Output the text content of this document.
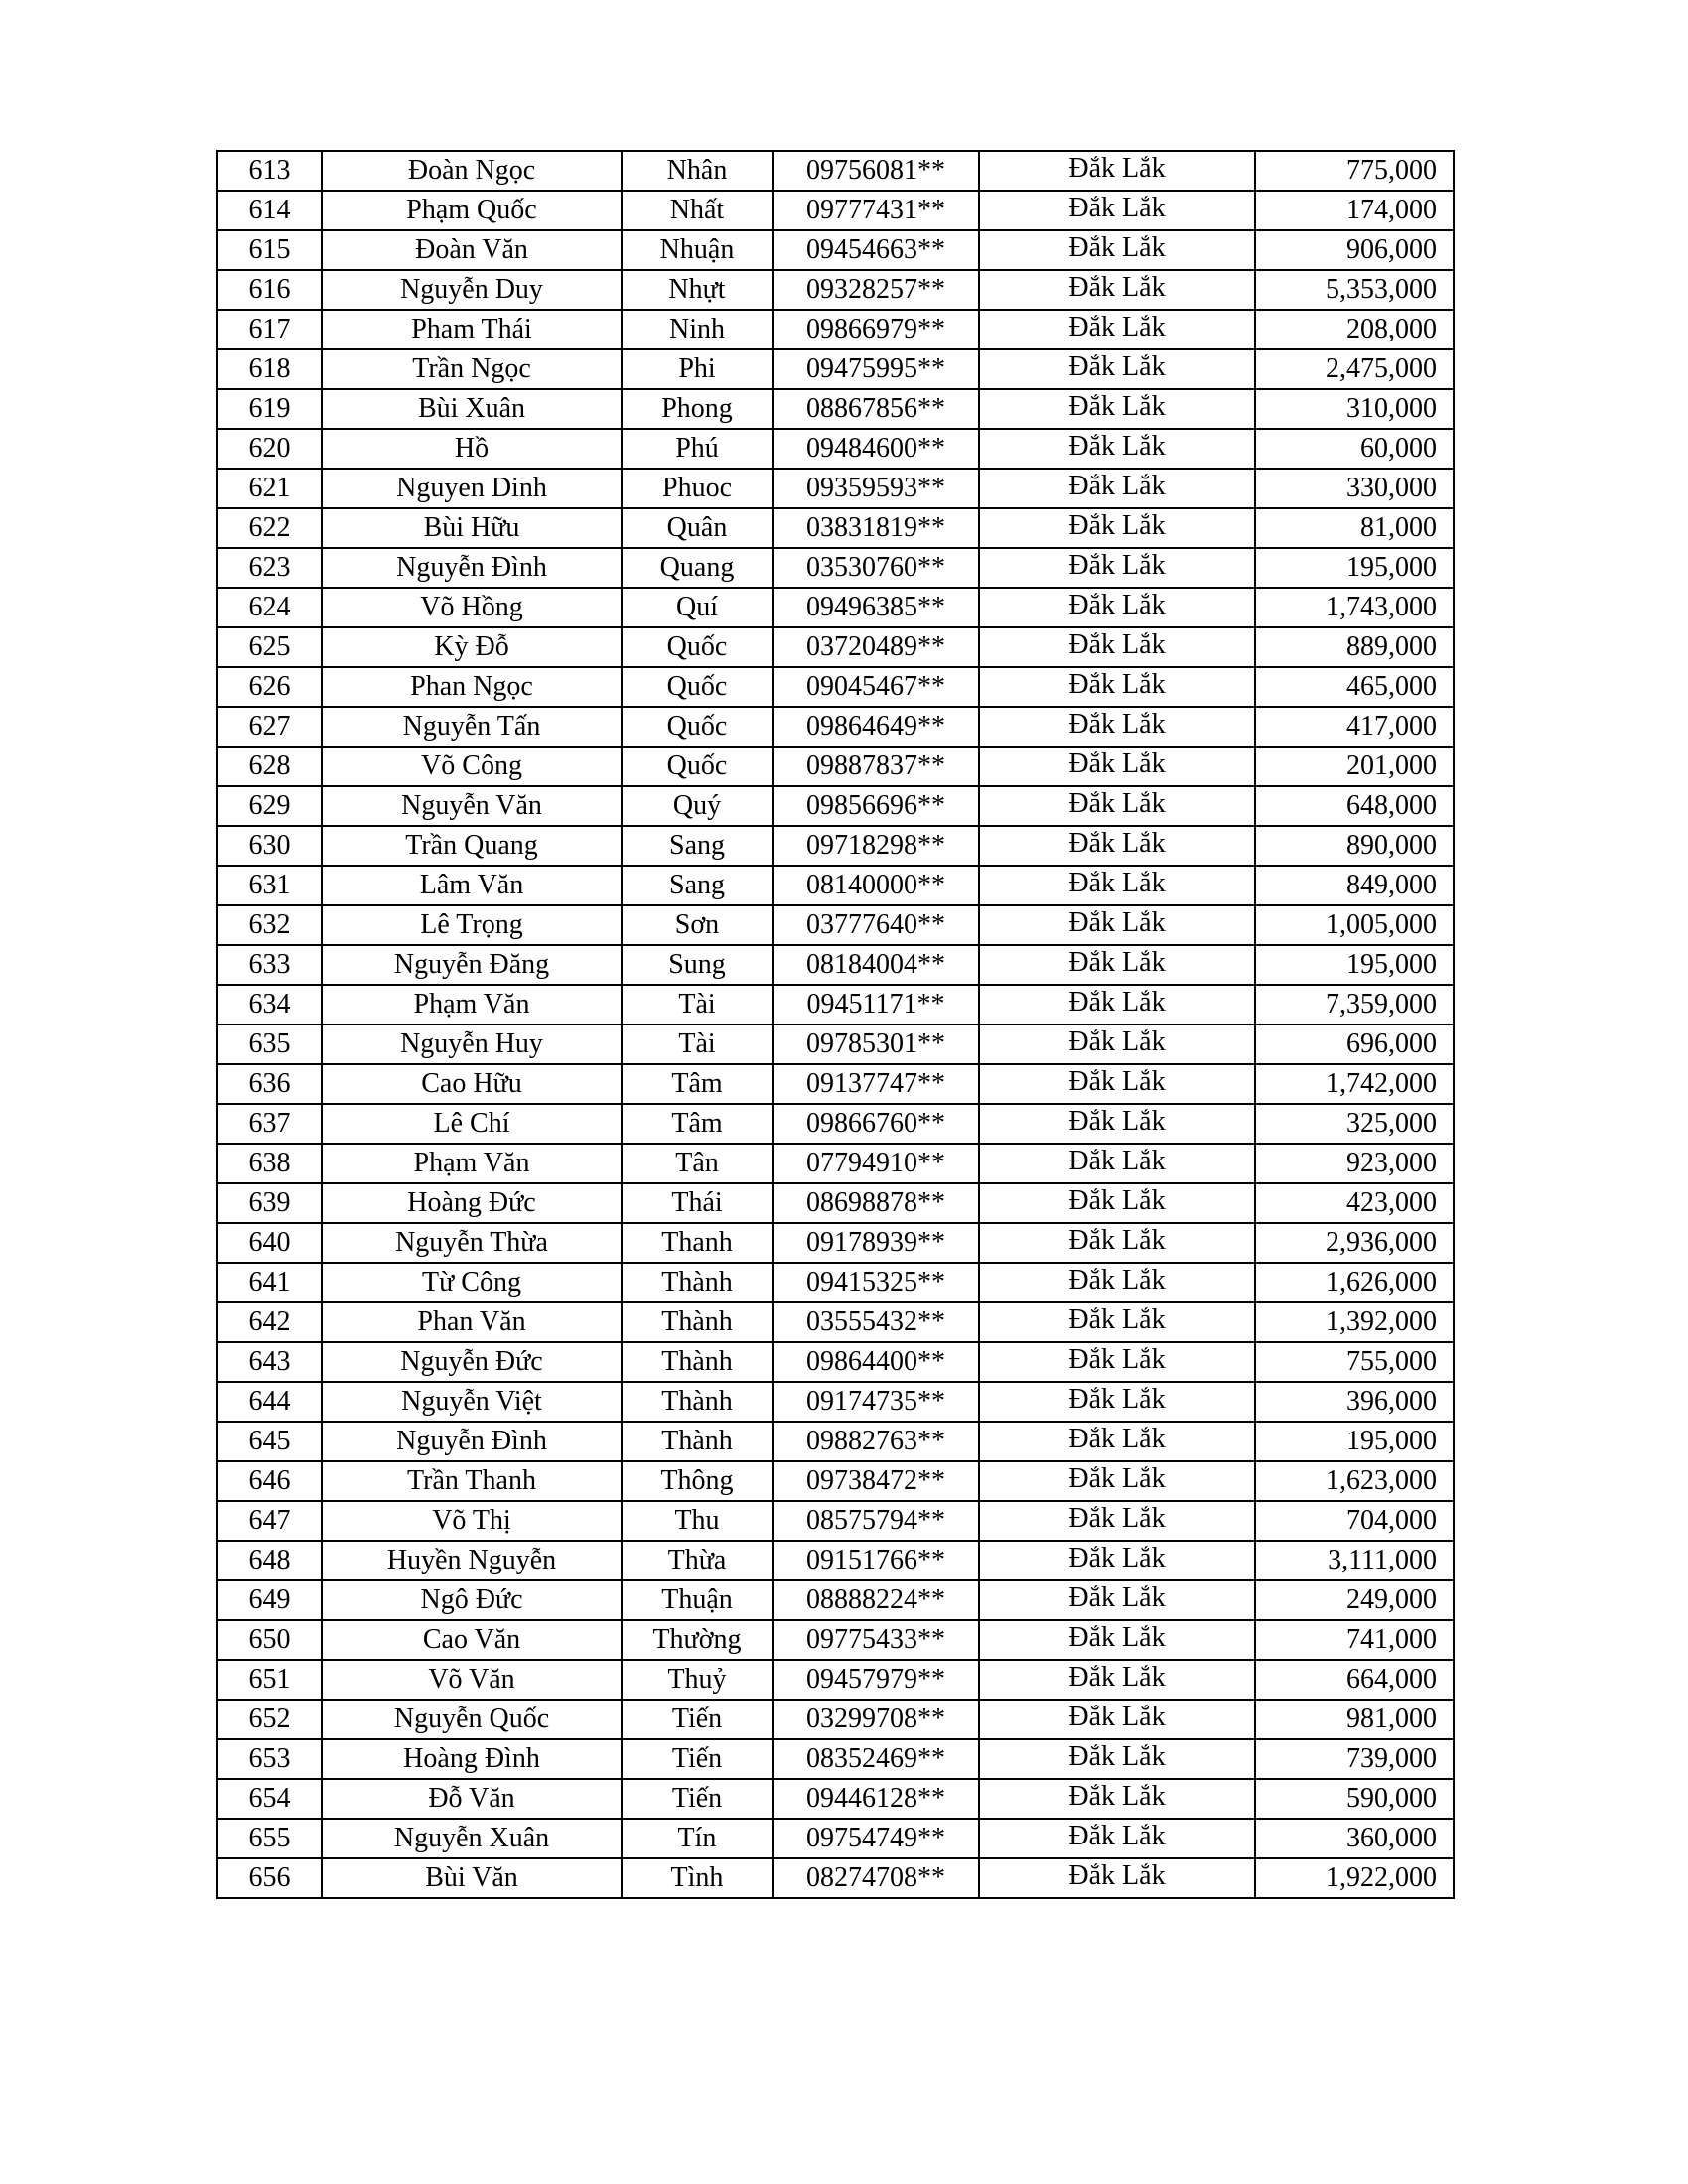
613	Đoàn Ngọc	Nhân	09756081**	Đắk Lắk	775,000
614	Phạm Quốc	Nhất	09777431**	Đắk Lắk	174,000
615	Đoàn Văn	Nhuận	09454663**	Đắk Lắk	906,000
616	Nguyễn Duy	Nhựt	09328257**	Đắk Lắk	5,353,000
617	Pham Thái	Ninh	09866979**	Đắk Lắk	208,000
618	Trần Ngọc	Phi	09475995**	Đắk Lắk	2,475,000
619	Bùi Xuân	Phong	08867856**	Đắk Lắk	310,000
620	Hồ	Phú	09484600**	Đắk Lắk	60,000
621	Nguyen Dinh	Phuoc	09359593**	Đắk Lắk	330,000
622	Bùi Hữu	Quân	03831819**	Đắk Lắk	81,000
623	Nguyễn Đình	Quang	03530760**	Đắk Lắk	195,000
624	Võ Hồng	Quí	09496385**	Đắk Lắk	1,743,000
625	Kỳ Đỗ	Quốc	03720489**	Đắk Lắk	889,000
626	Phan Ngọc	Quốc	09045467**	Đắk Lắk	465,000
627	Nguyễn Tấn	Quốc	09864649**	Đắk Lắk	417,000
628	Võ Công	Quốc	09887837**	Đắk Lắk	201,000
629	Nguyễn Văn	Quý	09856696**	Đắk Lắk	648,000
630	Trần Quang	Sang	09718298**	Đắk Lắk	890,000
631	Lâm Văn	Sang	08140000**	Đắk Lắk	849,000
632	Lê Trọng	Sơn	03777640**	Đắk Lắk	1,005,000
633	Nguyễn Đăng	Sung	08184004**	Đắk Lắk	195,000
634	Phạm Văn	Tài	09451171**	Đắk Lắk	7,359,000
635	Nguyễn Huy	Tài	09785301**	Đắk Lắk	696,000
636	Cao Hữu	Tâm	09137747**	Đắk Lắk	1,742,000
637	Lê Chí	Tâm	09866760**	Đắk Lắk	325,000
638	Phạm Văn	Tân	07794910**	Đắk Lắk	923,000
639	Hoàng Đức	Thái	08698878**	Đắk Lắk	423,000
640	Nguyễn Thừa	Thanh	09178939**	Đắk Lắk	2,936,000
641	Từ Công	Thành	09415325**	Đắk Lắk	1,626,000
642	Phan Văn	Thành	03555432**	Đắk Lắk	1,392,000
643	Nguyễn Đức	Thành	09864400**	Đắk Lắk	755,000
644	Nguyễn Việt	Thành	09174735**	Đắk Lắk	396,000
645	Nguyễn Đình	Thành	09882763**	Đắk Lắk	195,000
646	Trần Thanh	Thông	09738472**	Đắk Lắk	1,623,000
647	Võ Thị	Thu	08575794**	Đắk Lắk	704,000
648	Huyền Nguyễn	Thừa	09151766**	Đắk Lắk	3,111,000
649	Ngô Đức	Thuận	08888224**	Đắk Lắk	249,000
650	Cao Văn	Thường	09775433**	Đắk Lắk	741,000
651	Võ Văn	Thuỷ	09457979**	Đắk Lắk	664,000
652	Nguyễn Quốc	Tiến	03299708**	Đắk Lắk	981,000
653	Hoàng Đình	Tiến	08352469**	Đắk Lắk	739,000
654	Đỗ Văn	Tiến	09446128**	Đắk Lắk	590,000
655	Nguyễn Xuân	Tín	09754749**	Đắk Lắk	360,000
656	Bùi Văn	Tình	08274708**	Đắk Lắk	1,922,000
